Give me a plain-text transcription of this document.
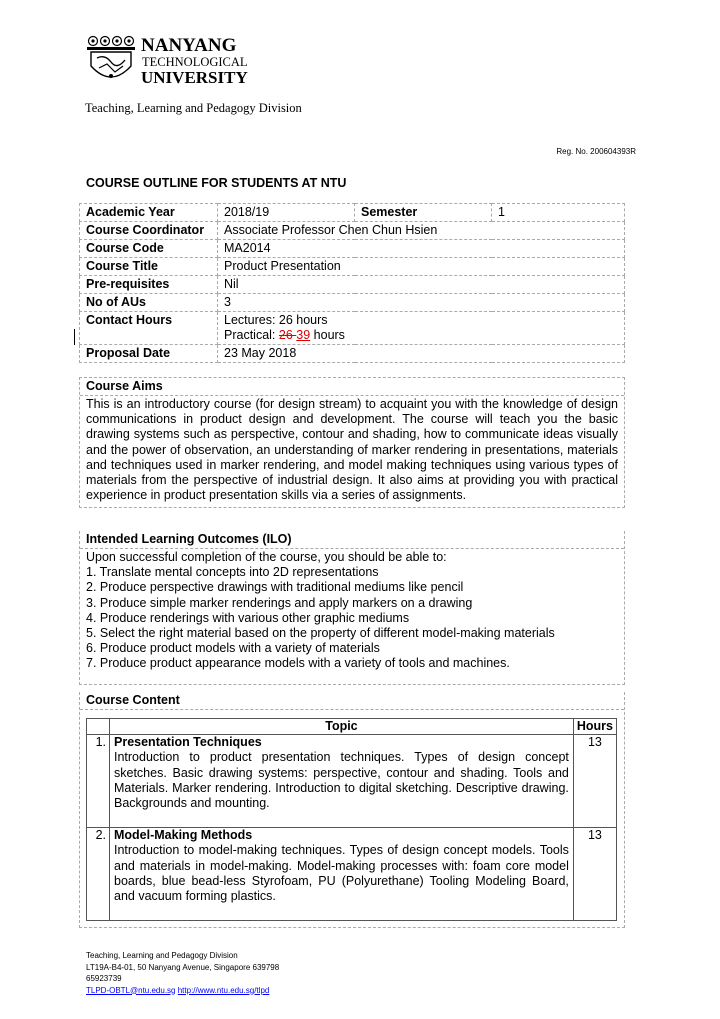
NANYANG
TECHNOLOGICAL
UNIVERSITY
Teaching, Learning and Pedagogy Division
Reg. No. 200604393R
COURSE OUTLINE FOR STUDENTS AT NTU
Academic Year	2018/19	Semester	1
Course Coordinator	Associate Professor Chen Chun Hsien		
Course Code	MA2014		
Course Title	Product Presentation		
Pre-requisites	Nil		
No of AUs	3		
Contact Hours	Lectures: 26 hours
Practical: 26 39 hours		

Proposal Date	23 May 2018		
Course Aims
This is an introductory course (for design stream) to acquaint you with the knowledge of design communications in product design and development. The course will teach you the basic drawing systems such as perspective, contour and shading, how to communicate ideas visually and the power of observation, an understanding of marker rendering in presentations, materials and techniques used in marker rendering, and model making techniques using various types of materials from the perspective of industrial design. It also aims at providing you with practical experience in product presentation skills via a series of assignments.
Intended Learning Outcomes (ILO)

Upon successful completion of the course, you should be able to:

1. Translate mental concepts into 2D representations

2. Produce perspective drawings with traditional mediums like pencil

3. Produce simple marker renderings and apply markers on a drawing

4. Produce renderings with various other graphic mediums

5. Select the right material based on the property of different model-making materials

6. Produce product models with a variety of materials

7. Produce product appearance models with a variety of tools and machines.

Course Content
	Topic	Hours
1.	Presentation Techniques
Introduction to product presentation techniques. Types of design concept sketches. Basic drawing systems: perspective, contour and shading. Tools and Materials. Marker rendering. Introduction to digital sketching. Descriptive drawing. Backgrounds and mounting.	13
2.	Model-Making Methods
Introduction to model-making techniques. Types of design concept models. Tools and materials in model-making. Model-making processes with: foam core model boards, blue bead-less Styrofoam, PU (Polyurethane) Tooling Modeling Board, and vacuum forming plastics.	13
Teaching, Learning and Pedagogy Division
LT19A-B4-01, 50 Nanyang Avenue, Singapore 639798
65923739
TLPD-OBTL@ntu.edu.sg http://www.ntu.edu.sg/tlpd
